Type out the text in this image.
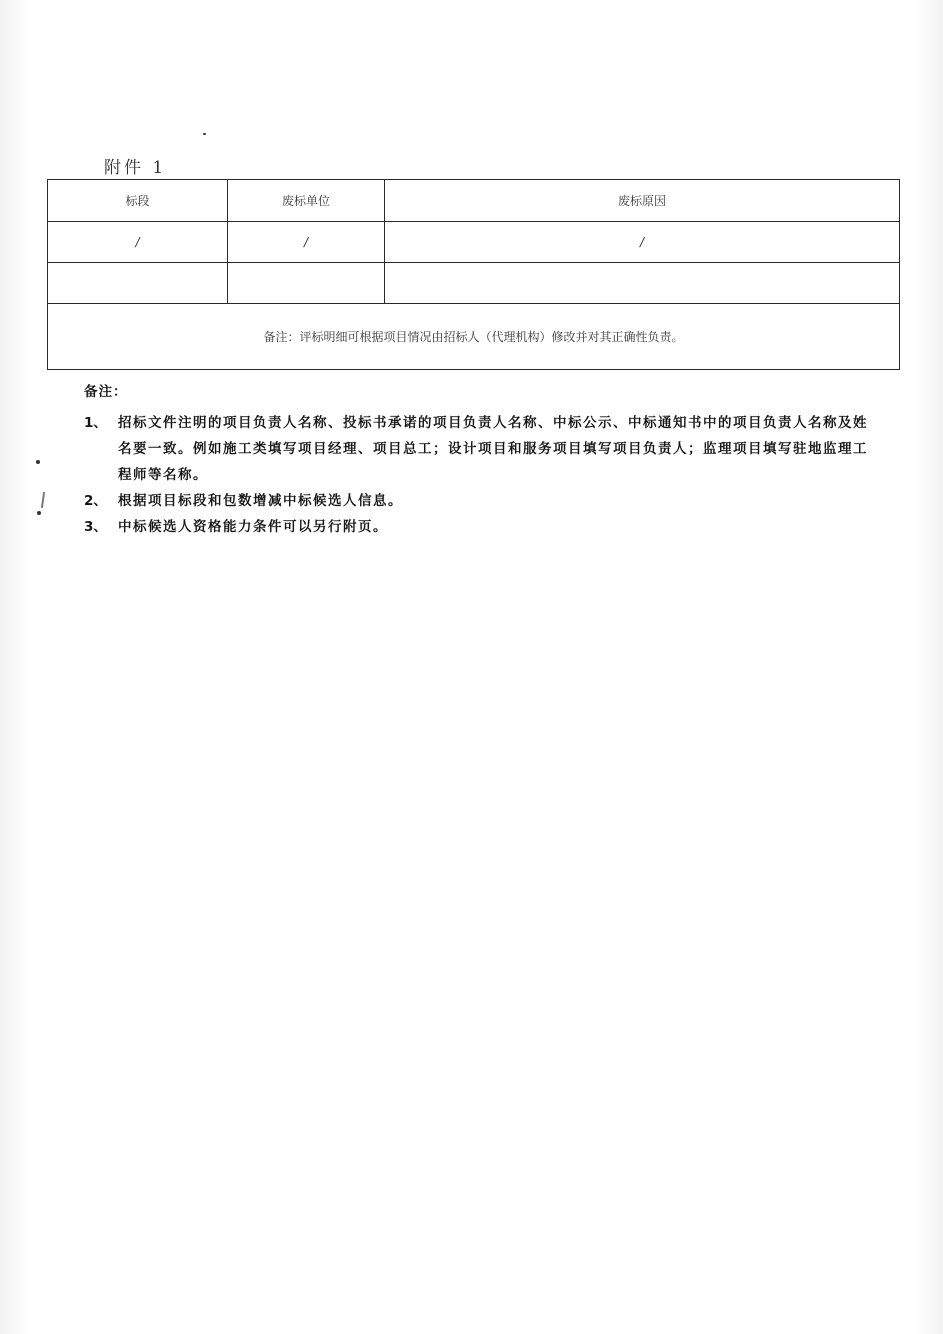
附件 1
标段	废标单位	废标原因
/	/	/

备注：评标明细可根据项目情况由招标人（代理机构）修改并对其正确性负责。		
备注：
1、 招标文件注明的项目负责人名称、投标书承诺的项目负责人名称、中标公示、中标通知书中的项目负责人名称及姓名要一致。例如施工类填写项目经理、项目总工；设计项目和服务项目填写项目负责人；监理项目填写驻地监理工程师等名称。
2、 根据项目标段和包数增减中标候选人信息。
3、 中标候选人资格能力条件可以另行附页。
